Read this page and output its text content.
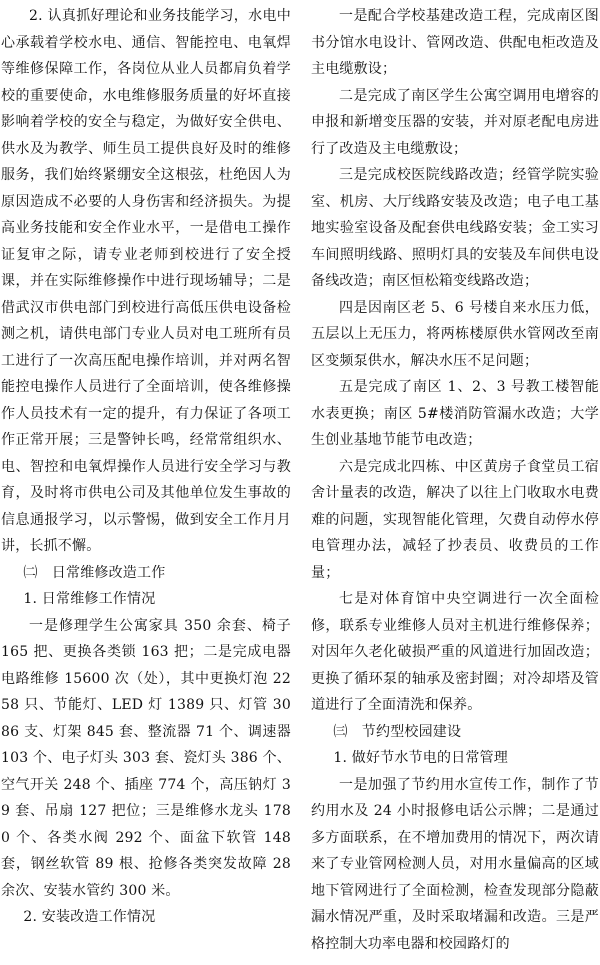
2. 认真抓好理论和业务技能学习，水电中心承载着学校水电、通信、智能控电、电氧焊等维修保障工作，各岗位从业人员都肩负着学校的重要使命，水电维修服务质量的好坏直接影响着学校的安全与稳定，为做好安全供电、供水及为教学、师生员工提供良好及时的维修服务，我们始终紧绷安全这根弦，杜绝因人为原因造成不必要的人身伤害和经济损失。为提高业务技能和安全作业水平，一是借电工操作证复审之际，请专业老师到校进行了安全授课，并在实际维修操作中进行现场辅导；二是借武汉市供电部门到校进行高低压供电设备检测之机，请供电部门专业人员对电工班所有员工进行了一次高压配电操作培训，并对两名智能控电操作人员进行了全面培训，使各维修操作人员技术有一定的提升，有力保证了各项工作正常开展；三是警钟长鸣，经常常组织水、电、智控和电氧焊操作人员进行安全学习与教育，及时将市供电公司及其他单位发生事故的信息通报学习，以示警惕，做到安全工作月月讲，长抓不懈。

㈡　日常维修改造工作

1. 日常维修工作情况

一是修理学生公寓家具 350 余套、椅子 165 把、更换各类锁 163 把；二是完成电器电路维修 15600 次（处），其中更换灯泡 2258 只、节能灯、LED 灯 1389 只、灯管 3086 支、灯架 845 套、整流器 71 个、调速器 103 个、电子灯头 303 套、瓷灯头 386 个、空气开关 248 个、插座 774 个，高压钠灯 39 套、吊扇 127 把位；三是维修水龙头 1780 个、各类水阀 292 个、面盆下软管 148 套，钢丝软管 89 根、抢修各类突发故障 28 余次、安装水管约 300 米。

2. 安装改造工作情况

一是配合学校基建改造工程，完成南区图书分馆水电设计、管网改造、供配电柜改造及主电缆敷设；

二是完成了南区学生公寓空调用电增容的申报和新增变压器的安装，并对原老配电房进行了改造及主电缆敷设；

三是完成校医院线路改造；经管学院实验室、机房、大厅线路安装及改造；电子电工基地实验室设备及配套供电线路安装；金工实习车间照明线路、照明灯具的安装及车间供电设备线改造；南区恒松箱变线路改造；

四是因南区老 5、6 号楼自来水压力低，五层以上无压力，将两栋楼原供水管网改至南区变频泵供水，解决水压不足问题；

五是完成了南区 1、2、3 号教工楼智能水表更换；南区 5#楼消防管漏水改造；大学生创业基地节能节电改造；

六是完成北四栋、中区黄房子食堂员工宿舍计量表的改造，解决了以往上门收取水电费难的问题，实现智能化管理，欠费自动停水停电管理办法，减轻了抄表员、收费员的工作量；

七是对体育馆中央空调进行一次全面检修，联系专业维修人员对主机进行维修保养；对因年久老化破损严重的风道进行加固改造；更换了循环泵的轴承及密封圈；对冷却塔及管道进行了全面清洗和保养。

㈢　节约型校园建设

1. 做好节水节电的日常管理

一是加强了节约用水宣传工作，制作了节约用水及 24 小时报修电话公示牌；二是通过多方面联系，在不增加费用的情况下，两次请来了专业管网检测人员，对用水量偏高的区域地下管网进行了全面检测，检查发现部分隐蔽漏水情况严重，及时采取堵漏和改造。三是严格控制大功率电器和校园路灯的
